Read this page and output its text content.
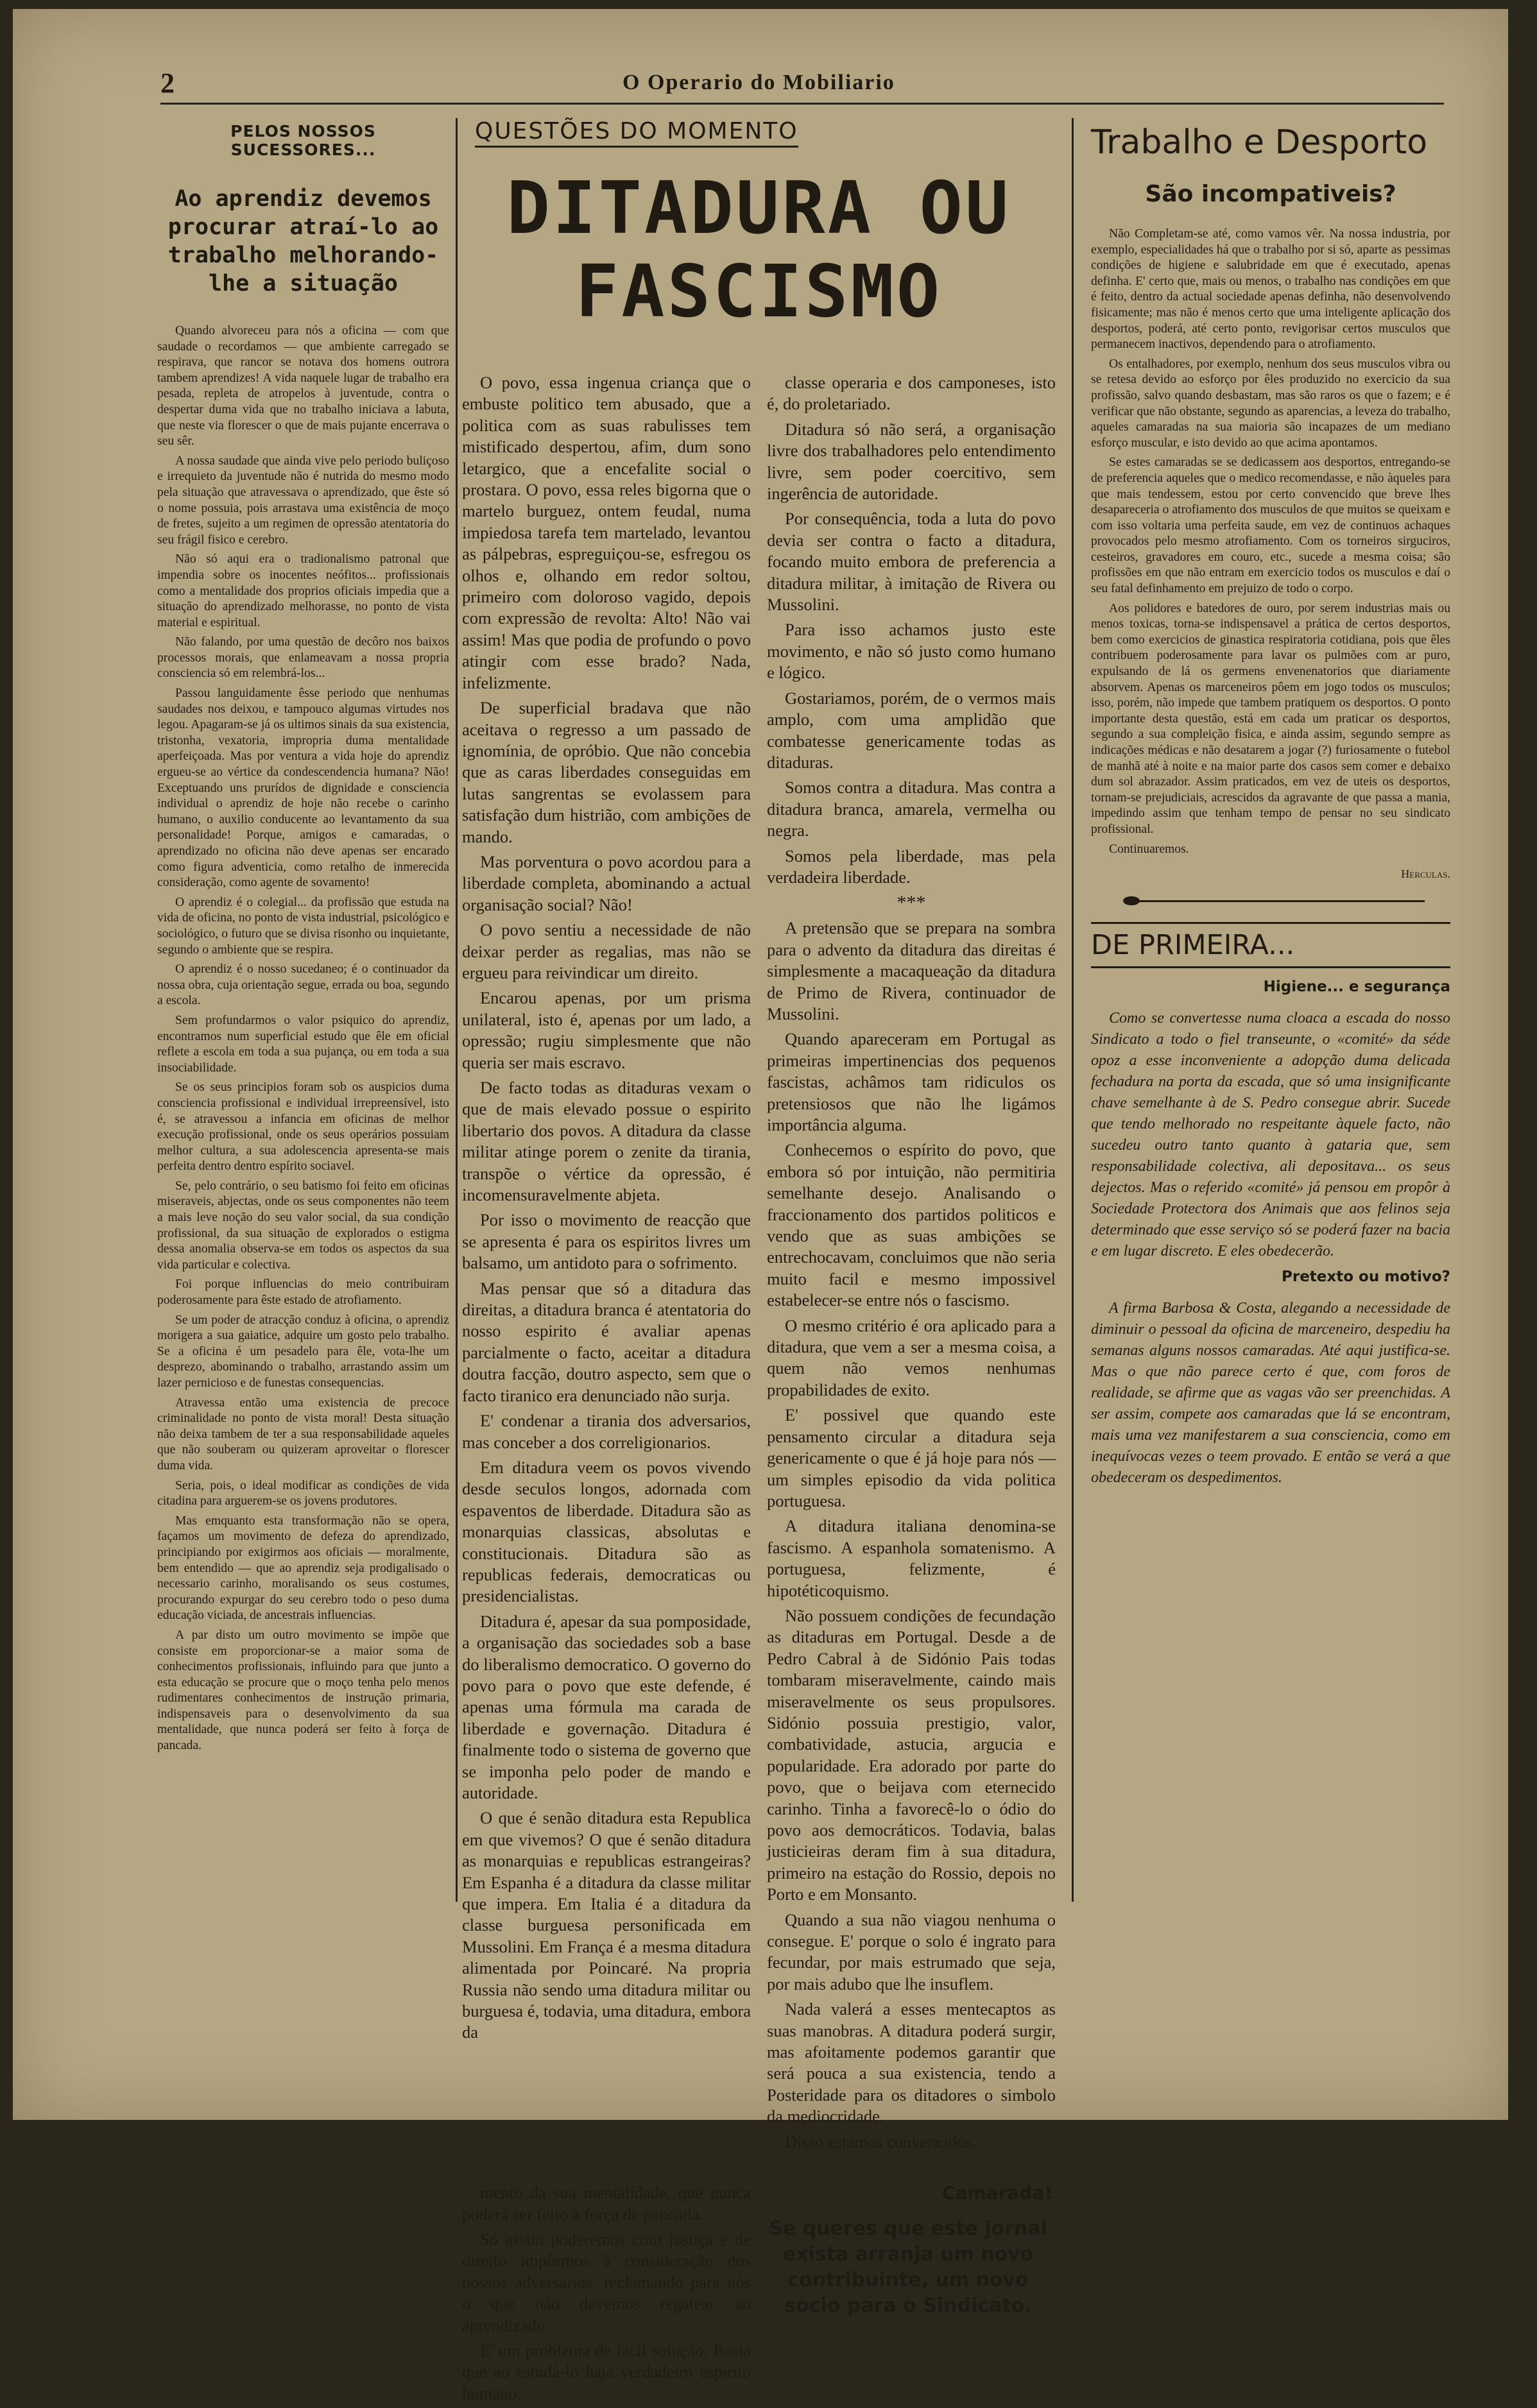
2	O Operario do Mobiliario
PELOS NOSSOS SUCESSORES...
Ao aprendiz devemos procurar atraí-lo ao trabalho melhorando-lhe a situação

Quando alvoreceu para nós a oficina — com que saudade o recordamos — que ambiente carregado se respirava, que rancor se notava dos homens outrora tambem aprendizes! A vida naquele lugar de trabalho era pesada, repleta de atropelos à juventude, contra o despertar duma vida que no trabalho iniciava a labuta, que neste via florescer o que de mais pujante encerrava o seu sêr.

A nossa saudade que ainda vive pelo periodo buliçoso e irrequieto da juventude não é nutrida do mesmo modo pela situação que atravessava o aprendizado, que êste só o nome possuia, pois arrastava uma existência de moço de fretes, sujeito a um regimen de opressão atentatoria do seu frágil fisico e cerebro.

Não só aqui era o tradionalismo patronal que impendia sobre os inocentes neófitos... profissionais como a mentalidade dos proprios oficiais impedia que a situação do aprendizado melhorasse, no ponto de vista material e espiritual.

Não falando, por uma questão de decôro nos baixos processos morais, que enlameavam a nossa propria consciencia só em relembrá-los...

Passou languidamente êsse periodo que nenhumas saudades nos deixou, e tampouco algumas virtudes nos legou. Apagaram-se já os ultimos sinais da sua existencia, tristonha, vexatoria, impropria duma mentalidade aperfeiçoada. Mas por ventura a vida hoje do aprendiz ergueu-se ao vértice da condescendencia humana? Não! Exceptuando uns prurídos de dignidade e consciencia individual o aprendiz de hoje não recebe o carinho humano, o auxilio conducente ao levantamento da sua personalidade! Porque, amigos e camaradas, o aprendizado no oficina não deve apenas ser encarado como figura adventicia, como retalho de inmerecida consideração, como agente de sovamento!

O aprendiz é o colegial... da profissão que estuda na vida de oficina, no ponto de vista industrial, psicológico e sociológico, o futuro que se divisa risonho ou inquietante, segundo o ambiente que se respira.

O aprendiz é o nosso sucedaneo; é o continuador da nossa obra, cuja orientação segue, errada ou boa, segundo a escola.

Sem profundarmos o valor psiquico do aprendiz, encontramos num superficial estudo que êle em oficial reflete a escola em toda a sua pujança, ou em toda a sua insociabilidade.

Se os seus principios foram sob os auspicios duma consciencia profissional e individual irrepreensível, isto é, se atravessou a infancia em oficinas de melhor execução profissional, onde os seus operários possuiam melhor cultura, a sua adolescencia apresenta-se mais perfeita dentro dentro espírito sociavel.

Se, pelo contrário, o seu batismo foi feito em oficinas miseraveis, abjectas, onde os seus componentes não teem a mais leve noção do seu valor social, da sua condição profissional, da sua situação de explorados o estigma dessa anomalia observa-se em todos os aspectos da sua vida particular e colectiva.

Foi porque influencias do meio contribuiram poderosamente para êste estado de atrofiamento.

Se um poder de atracção conduz à oficina, o aprendiz morigera a sua gaiatice, adquire um gosto pelo trabalho. Se a oficina é um pesadelo para êle, vota-lhe um desprezo, abominando o trabalho, arrastando assim um lazer pernicioso e de funestas consequencias.

Atravessa então uma existencia de precoce criminalidade no ponto de vista moral! Desta situação não deixa tambem de ter a sua responsabilidade aqueles que não souberam ou quizeram aproveitar o florescer duma vida.

Seria, pois, o ideal modificar as condições de vida citadina para arguerem-se os jovens produtores.

Mas emquanto esta transformação não se opera, façamos um movimento de defeza do aprendizado, principiando por exigirmos aos oficiais — moralmente, bem entendido — que ao aprendiz seja prodigalisado o necessario carinho, moralisando os seus costumes, procurando expurgar do seu cerebro todo o peso duma educação viciada, de ancestrais influencias.

A par disto um outro movimento se impõe que consiste em proporcionar-se a maior soma de conhecimentos profissionais, influindo para que junto a esta educação se procure que o moço tenha pelo menos rudimentares conhecimentos de instrução primaria, indispensaveis para o desenvolvimento da sua mentalidade, que nunca poderá ser feito à força de pancada.

QUESTÕES DO MOMENTO
DITADURA OU FASCISMO

O povo, essa ingenua criança que o embuste politico tem abusado, que a politica com as suas rabulisses tem mistificado despertou, afim, dum sono letargico, que a encefalite social o prostara. O povo, essa reles bigorna que o martelo burguez, ontem feudal, numa impiedosa tarefa tem martelado, levantou as pálpebras, espreguiçou-se, esfregou os olhos e, olhando em redor soltou, primeiro com doloroso vagido, depois com expressão de revolta: Alto! Não vai assim! Mas que podia de profundo o povo atingir com esse brado? Nada, infelizmente.

De superficial bradava que não aceitava o regresso a um passado de ignomínia, de opróbio. Que não concebia que as caras liberdades conseguidas em lutas sangrentas se evolassem para satisfação dum histrião, com ambições de mando.

Mas porventura o povo acordou para a liberdade completa, abominando a actual organisação social? Não!

O povo sentiu a necessidade de não deixar perder as regalias, mas não se ergueu para reivindicar um direito.

Encarou apenas, por um prisma unilateral, isto é, apenas por um lado, a opressão; rugiu simplesmente que não queria ser mais escravo.

De facto todas as ditaduras vexam o que de mais elevado possue o espirito libertario dos povos. A ditadura da classe militar atinge porem o zenite da tirania, transpõe o vértice da opressão, é incomensuravelmente abjeta.

Por isso o movimento de reacção que se apresenta é para os espiritos livres um balsamo, um antidoto para o sofrimento.

Mas pensar que só a ditadura das direitas, a ditadura branca é atentatoria do nosso espirito é avaliar apenas parcialmente o facto, aceitar a ditadura doutra facção, doutro aspecto, sem que o facto tiranico era denunciado não surja.

E' condenar a tirania dos adversarios, mas conceber a dos correligionarios.

Em ditadura veem os povos vivendo desde seculos longos, adornada com espaventos de liberdade. Ditadura são as monarquias classicas, absolutas e constitucionais. Ditadura são as republicas federais, democraticas ou presidencialistas.

Ditadura é, apesar da sua pomposidade, a organisação das sociedades sob a base do liberalismo democratico. O governo do povo para o povo que este defende, é apenas uma fórmula ma carada de liberdade e governação. Ditadura é finalmente todo o sistema de governo que se imponha pelo poder de mando e autoridade.

O que é senão ditadura esta Republica em que vivemos? O que é senão ditadura as monarquias e republicas estrangeiras? Em Espanha é a ditadura da classe militar que impera. Em Italia é a ditadura da classe burguesa personificada em Mussolini. Em França é a mesma ditadura alimentada por Poincaré. Na propria Russia não sendo uma ditadura militar ou burguesa é, todavia, uma ditadura, embora da

classe operaria e dos camponeses, isto é, do proletariado.

Ditadura só não será, a organisação livre dos trabalhadores pelo entendimento livre, sem poder coercitivo, sem ingerência de autoridade.

Por consequência, toda a luta do povo devia ser contra o facto a ditadura, focando muito embora de preferencia a ditadura militar, à imitação de Rivera ou Mussolini.

Para isso achamos justo este movimento, e não só justo como humano e lógico.

Gostariamos, porém, de o vermos mais amplo, com uma amplidão que combatesse genericamente todas as ditaduras.

Somos contra a ditadura. Mas contra a ditadura branca, amarela, vermelha ou negra.

Somos pela liberdade, mas pela verdadeira liberdade.

***

A pretensão que se prepara na sombra para o advento da ditadura das direitas é simplesmente a macaqueação da ditadura de Primo de Rivera, continuador de Mussolini.

Quando apareceram em Portugal as primeiras impertinencias dos pequenos fascistas, achâmos tam ridiculos os pretensiosos que não lhe ligámos importância alguma.

Conhecemos o espírito do povo, que embora só por intuição, não permitiria semelhante desejo. Analisando o fraccionamento dos partidos politicos e vendo que as suas ambições se entrechocavam, concluimos que não seria muito facil e mesmo impossivel estabelecer-se entre nós o fascismo.

O mesmo critério é ora aplicado para a ditadura, que vem a ser a mesma coisa, a quem não vemos nenhumas propabilidades de exito.

E' possivel que quando este pensamento circular a ditadura seja genericamente o que é já hoje para nós — um simples episodio da vida politica portuguesa.

A ditadura italiana denomina-se fascismo. A espanhola somatenismo. A portuguesa, felizmente, é hipotéticoquismo.

Não possuem condições de fecundação as ditaduras em Portugal. Desde a de Pedro Cabral à de Sidónio Pais todas tombaram miseravelmente, caindo mais miseravelmente os seus propulsores. Sidónio possuia prestigio, valor, combatividade, astucia, argucia e popularidade. Era adorado por parte do povo, que o beijava com eternecido carinho. Tinha a favorecê-lo o ódio do povo aos democráticos. Todavia, balas justicieiras deram fim à sua ditadura, primeiro na estação do Rossio, depois no Porto e em Monsanto.

Quando a sua não viagou nenhuma o consegue. E' porque o solo é ingrato para fecundar, por mais estrumado que seja, por mais adubo que lhe insuflem.

Nada valerá a esses mentecaptos as suas manobras. A ditadura poderá surgir, mas afoitamente podemos garantir que será pouca a sua existencia, tendo a Posteridade para os ditadores o simbolo da mediocridade.

Disso estamos convencidos.

mento da sua mentalidade, que nunca poderá ser feito à força de pancada.

Só assim poderemos com justiça e de direito impôrmos à consideração dos nossos adversarios, reclamando para nós o que não devemos regatear ao aprendizado.

E' um problema de facil solução. Basta que ao estudá-lo haja verdadeiro espirito humano.

Camarada!
Se queres que este jornal exista arranja um novo contribuinte, um novo socio para o Sindicato.
Trabalho e Desporto
São incompativeis?

Não Completam-se até, como vamos vêr. Na nossa industria, por exemplo, especialidades há que o trabalho por si só, aparte as pessimas condições de higiene e salubridade em que é executado, apenas definha. E' certo que, mais ou menos, o trabalho nas condições em que é feito, dentro da actual sociedade apenas definha, não desenvolvendo fisicamente; mas não é menos certo que uma inteligente aplicação dos desportos, poderá, até certo ponto, revigorisar certos musculos que permanecem inactivos, dependendo para o atrofiamento.

Os entalhadores, por exemplo, nenhum dos seus musculos vibra ou se retesa devido ao esforço por êles produzido no exercicio da sua profissão, salvo quando desbastam, mas são raros os que o fazem; e é verificar que não obstante, segundo as aparencias, a leveza do trabalho, aqueles camaradas na sua maioria são incapazes de um mediano esforço muscular, e isto devido ao que acima apontamos.

Se estes camaradas se se dedicassem aos desportos, entregando-se de preferencia aqueles que o medico recomendasse, e não àqueles para que mais tendessem, estou por certo convencido que breve lhes desapareceria o atrofiamento dos musculos de que muitos se queixam e com isso voltaria uma perfeita saude, em vez de continuos achaques provocados pelo mesmo atrofiamento. Com os torneiros sirguciros, cesteiros, gravadores em couro, etc., sucede a mesma coisa; são profissões em que não entram em exercicio todos os musculos e daí o seu fatal definhamento em prejuizo de todo o corpo.

Aos polidores e batedores de ouro, por serem industrias mais ou menos toxicas, torna-se indispensavel a prática de certos desportos, bem como exercicios de ginastica respiratoria cotidiana, pois que êles contribuem poderosamente para lavar os pulmões com ar puro, expulsando de lá os germens envenenatorios que diariamente absorvem. Apenas os marceneiros pôem em jogo todos os musculos; isso, porém, não impede que tambem pratiquem os desportos. O ponto importante desta questão, está em cada um praticar os desportos, segundo a sua compleição fisica, e ainda assim, segundo sempre as indicações médicas e não desatarem a jogar (?) furiosamente o futebol de manhã até à noite e na maior parte dos casos sem comer e debaixo dum sol abrazador. Assim praticados, em vez de uteis os desportos, tornam-se prejudiciais, acrescidos da agravante de que passa a mania, impedindo assim que tenham tempo de pensar no seu sindicato profissional.

Continuaremos.

Herculas.
DE PRIMEIRA...
Higiene... e segurança

Como se convertesse numa cloaca a escada do nosso Sindicato a todo o fiel transeunte, o «comité» da séde opoz a esse inconveniente a adopção duma delicada fechadura na porta da escada, que só uma insignificante chave semelhante à de S. Pedro consegue abrir. Sucede que tendo melhorado no respeitante àquele facto, não sucedeu outro tanto quanto à gataria que, sem responsabilidade colectiva, ali depositava... os seus dejectos. Mas o referido «comité» já pensou em propôr à Sociedade Protectora dos Animais que aos felinos seja determinado que esse serviço só se poderá fazer na bacia e em lugar discreto. E eles obedecerão.

Pretexto ou motivo?

A firma Barbosa & Costa, alegando a necessidade de diminuir o pessoal da oficina de marceneiro, despediu ha semanas alguns nossos camaradas. Até aqui justifica-se. Mas o que não parece certo é que, com foros de realidade, se afirme que as vagas vão ser preenchidas. A ser assim, compete aos camaradas que lá se encontram, mais uma vez manifestarem a sua consciencia, como em inequívocas vezes o teem provado. E então se verá a que obedeceram os despedimentos.
